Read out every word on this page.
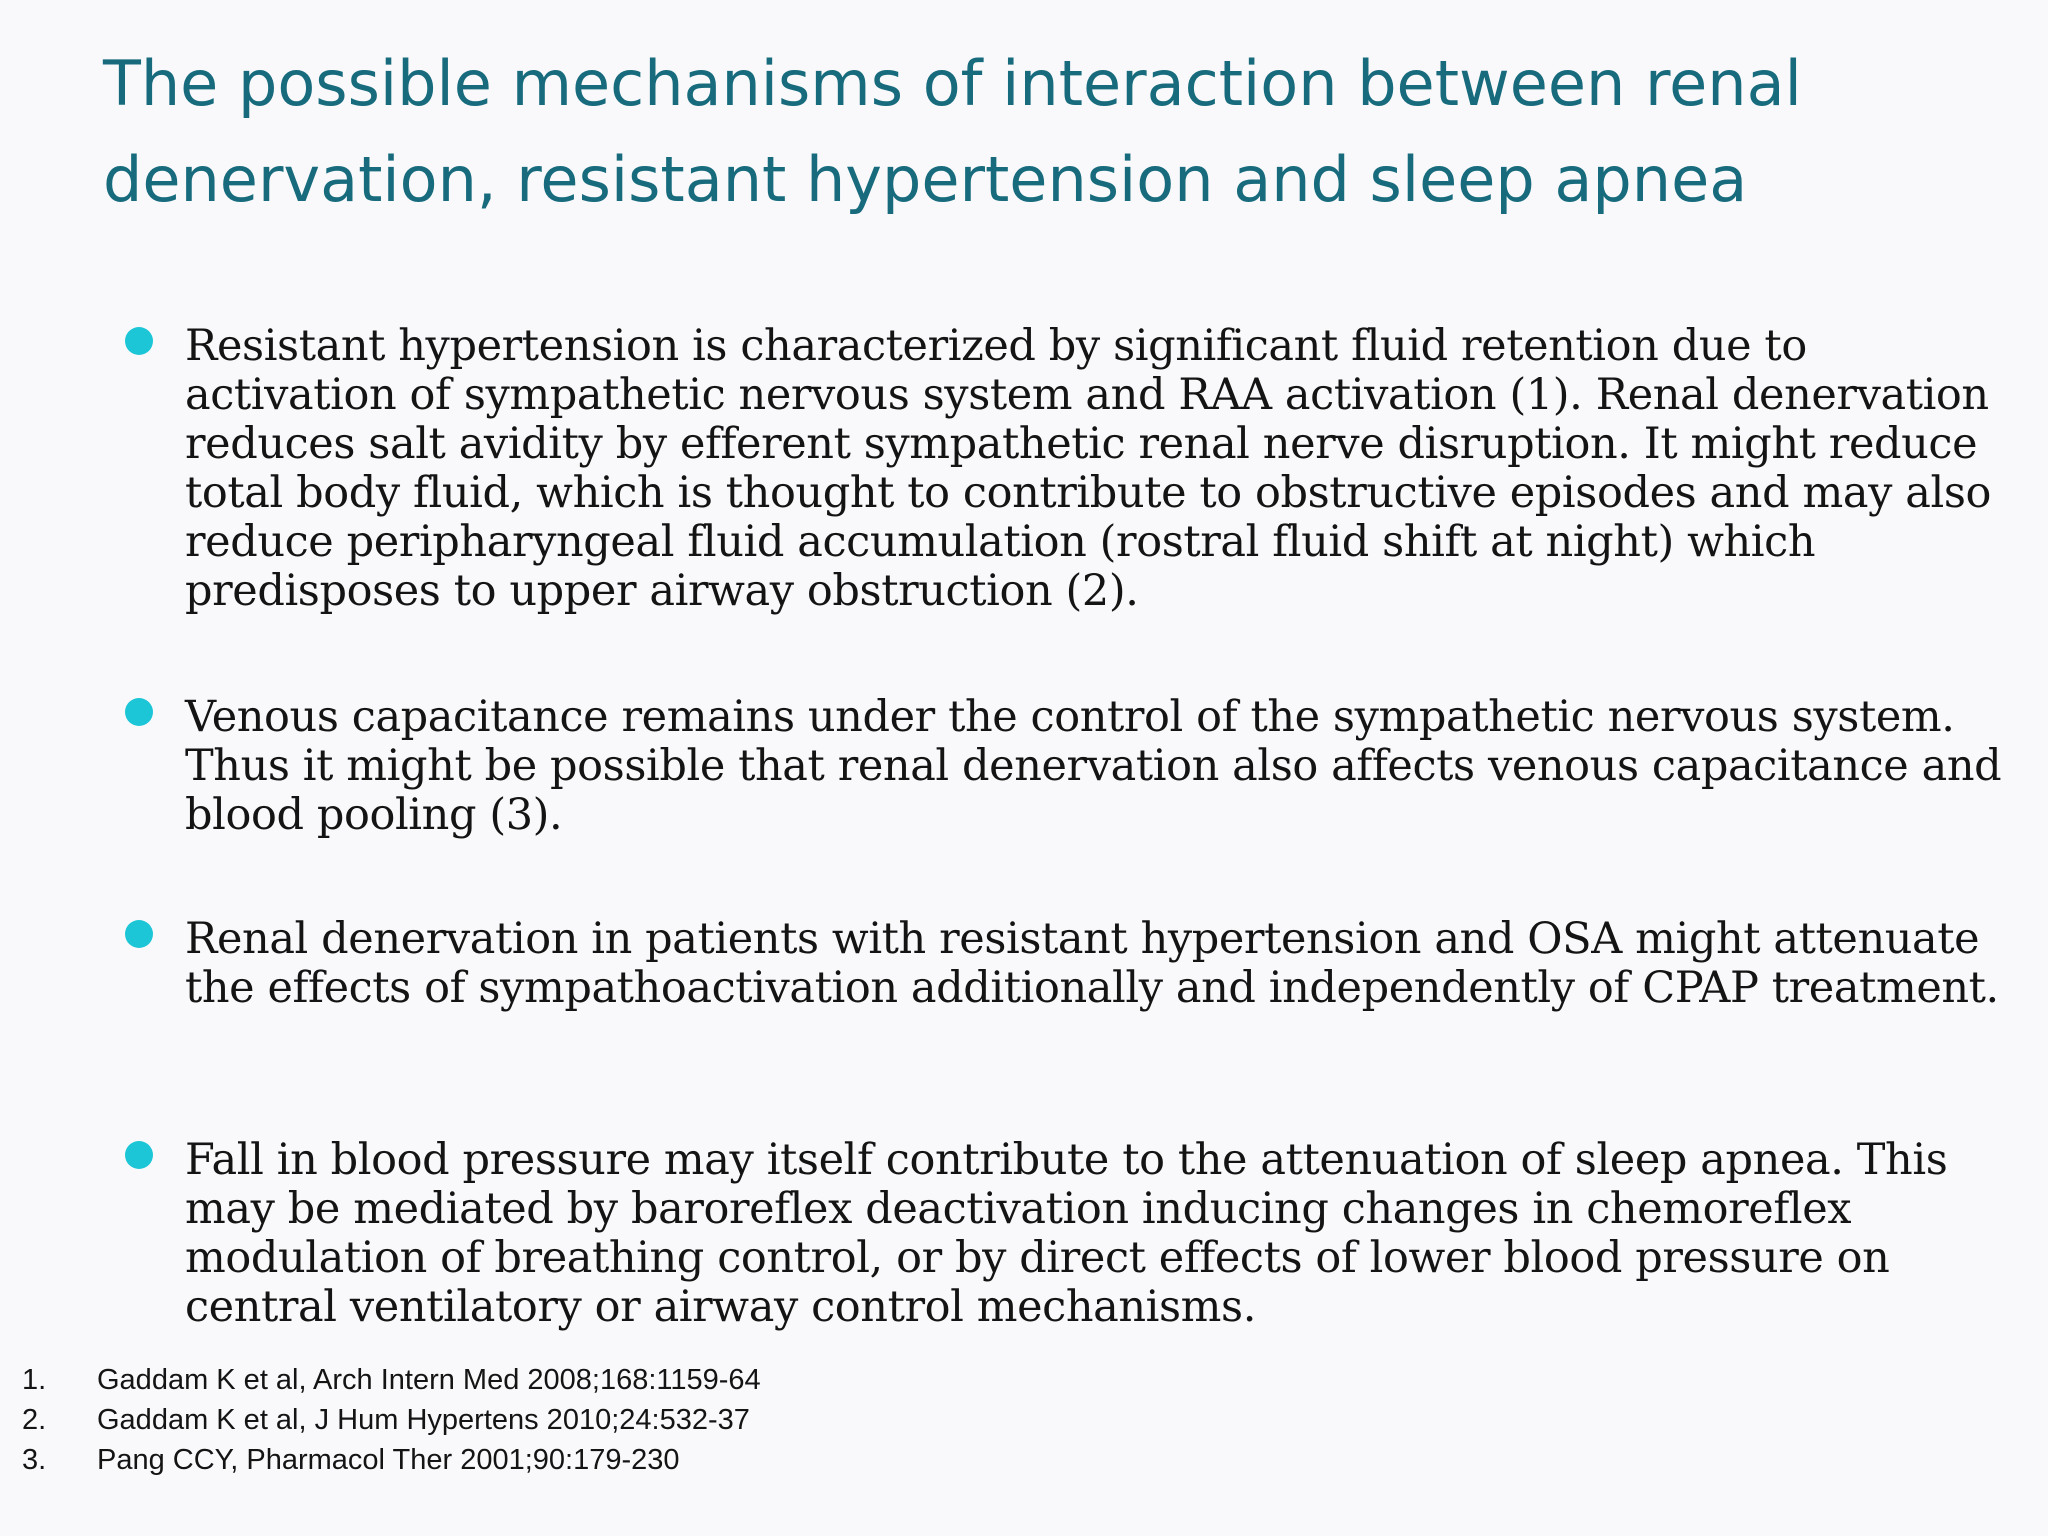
The possible mechanisms of interaction between renal denervation, resistant hypertension and sleep apnea
Resistant hypertension is characterized by significant fluid retention due to activation of sympathetic nervous system and RAA activation (1). Renal denervation reduces salt avidity by efferent sympathetic renal nerve disruption. It might reduce total body fluid, which is thought to contribute to obstructive episodes and may also reduce peripharyngeal fluid accumulation (rostral fluid shift at night) which predisposes to upper airway obstruction (2).
Venous capacitance remains under the control of the sympathetic nervous system. Thus it might be possible that renal denervation also affects venous capacitance and blood pooling (3).
Renal denervation in patients with resistant hypertension and OSA might attenuate the effects of sympathoactivation additionally and independently of CPAP treatment.
Fall in blood pressure may itself contribute to the attenuation of sleep apnea. This may be mediated by baroreflex deactivation inducing changes in chemoreflex modulation of breathing control, or by direct effects of lower blood pressure on central ventilatory or airway control mechanisms.
1. Gaddam K et al, Arch Intern Med 2008;168:1159-64
2. Gaddam K et al, J Hum Hypertens 2010;24:532-37
3. Pang CCY, Pharmacol Ther 2001;90:179-230
